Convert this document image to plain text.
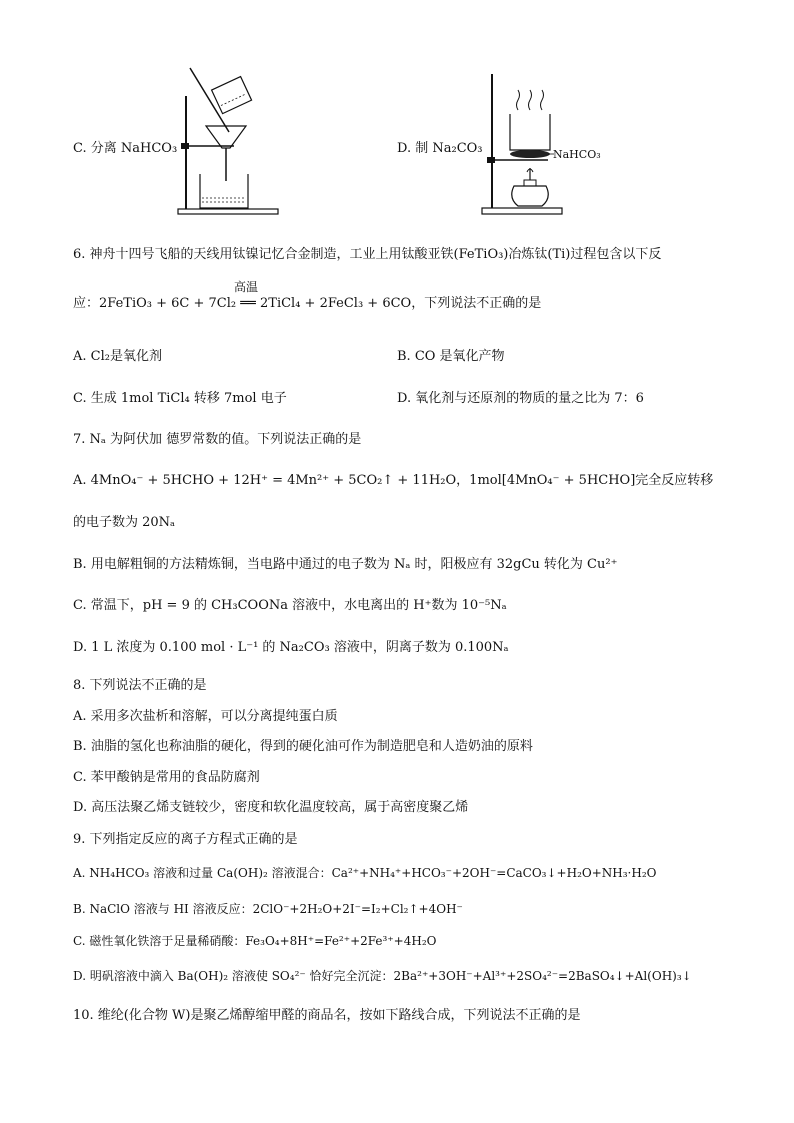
C. 分离 NaHCO₃	D. 制 Na₂CO₃	NaHCO₃
6. 神舟十四号飞船的天线用钛镍记忆合金制造，工业上用钛酸亚铁(FeTiO₃)冶炼钛(Ti)过程包含以下反
高温
应：2FeTiO₃ + 6C + 7Cl₂ ══ 2TiCl₄ + 2FeCl₃ + 6CO，下列说法不正确的是
A. Cl₂是氧化剂	B. CO 是氧化产物
C. 生成 1mol TiCl₄ 转移 7mol 电子	D. 氧化剂与还原剂的物质的量之比为 7：6
7. Nₐ 为阿伏加 德罗常数的值。下列说法正确的是
A. 4MnO₄⁻ + 5HCHO + 12H⁺ = 4Mn²⁺ + 5CO₂↑ + 11H₂O，1mol[4MnO₄⁻ + 5HCHO]完全反应转移
的电子数为 20Nₐ
B. 用电解粗铜的方法精炼铜，当电路中通过的电子数为 Nₐ 时，阳极应有 32gCu 转化为 Cu²⁺
C. 常温下，pH = 9 的 CH₃COONa 溶液中，水电离出的 H⁺数为 10⁻⁵Nₐ
D. 1 L 浓度为 0.100 mol · L⁻¹ 的 Na₂CO₃ 溶液中，阴离子数为 0.100Nₐ
8. 下列说法不正确的是
A. 采用多次盐析和溶解，可以分离提纯蛋白质
B. 油脂的氢化也称油脂的硬化，得到的硬化油可作为制造肥皂和人造奶油的原料
C. 苯甲酸钠是常用的食品防腐剂
D. 高压法聚乙烯支链较少，密度和软化温度较高，属于高密度聚乙烯
9. 下列指定反应的离子方程式正确的是
A. NH₄HCO₃ 溶液和过量 Ca(OH)₂ 溶液混合：Ca²⁺+NH₄⁺+HCO₃⁻+2OH⁻=CaCO₃↓+H₂O+NH₃·H₂O
B. NaClO 溶液与 HI 溶液反应：2ClO⁻+2H₂O+2I⁻=I₂+Cl₂↑+4OH⁻
C. 磁性氧化铁溶于足量稀硝酸：Fe₃O₄+8H⁺=Fe²⁺+2Fe³⁺+4H₂O
D. 明矾溶液中滴入 Ba(OH)₂ 溶液使 SO₄²⁻ 恰好完全沉淀：2Ba²⁺+3OH⁻+Al³⁺+2SO₄²⁻=2BaSO₄↓+Al(OH)₃↓
10. 维纶(化合物 W)是聚乙烯醇缩甲醛的商品名，按如下路线合成，下列说法不正确的是
